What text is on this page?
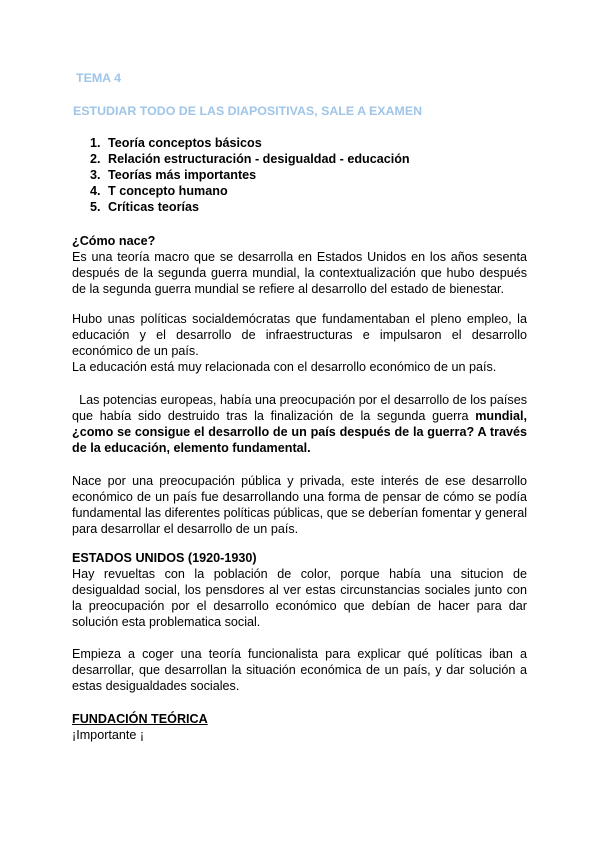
TEMA 4
ESTUDIAR TODO DE LAS DIAPOSITIVAS, SALE A EXAMEN
1. Teoría conceptos básicos
2. Relación estructuración - desigualdad - educación
3. Teorías más importantes
4. T concepto humano
5. Críticas teorías

¿Cómo nace?

Es una teoría macro que se desarrolla en Estados Unidos en los años sesenta después de la segunda guerra mundial, la contextualización que hubo después de la segunda guerra mundial se refiere al desarrollo del estado de bienestar.

Hubo unas políticas socialdemócratas que fundamentaban el pleno empleo, la educación y el desarrollo de infraestructuras e impulsaron el desarrollo económico de un país.

La educación está muy relacionada con el desarrollo económico de un país.

Las potencias europeas, había una preocupación por el desarrollo de los países que había sido destruido tras la finalización de la segunda guerra mundial,¿como se consigue el desarrollo de un país después de la guerra? A través de la educación, elemento fundamental.

Nace por una preocupación pública y privada, este interés de ese desarrollo económico de un país fue desarrollando una forma de pensar de cómo se podía fundamental las diferentes políticas públicas, que se deberían fomentar y general para desarrollar el desarrollo de un país.

ESTADOS UNIDOS (1920-1930)

Hay revueltas con la población de color, porque había una situcion de desigualdad social, los pensdores al ver estas circunstancias sociales junto con la preocupación por el desarrollo económico que debían de hacer para dar solución esta problematica social.

Empieza a coger una teoría funcionalista para explicar qué políticas iban a desarrollar, que desarrollan la situación económica de un país, y dar solución a estas desigualdades sociales.

FUNDACIÓN TEÓRICA

¡Importante ¡
